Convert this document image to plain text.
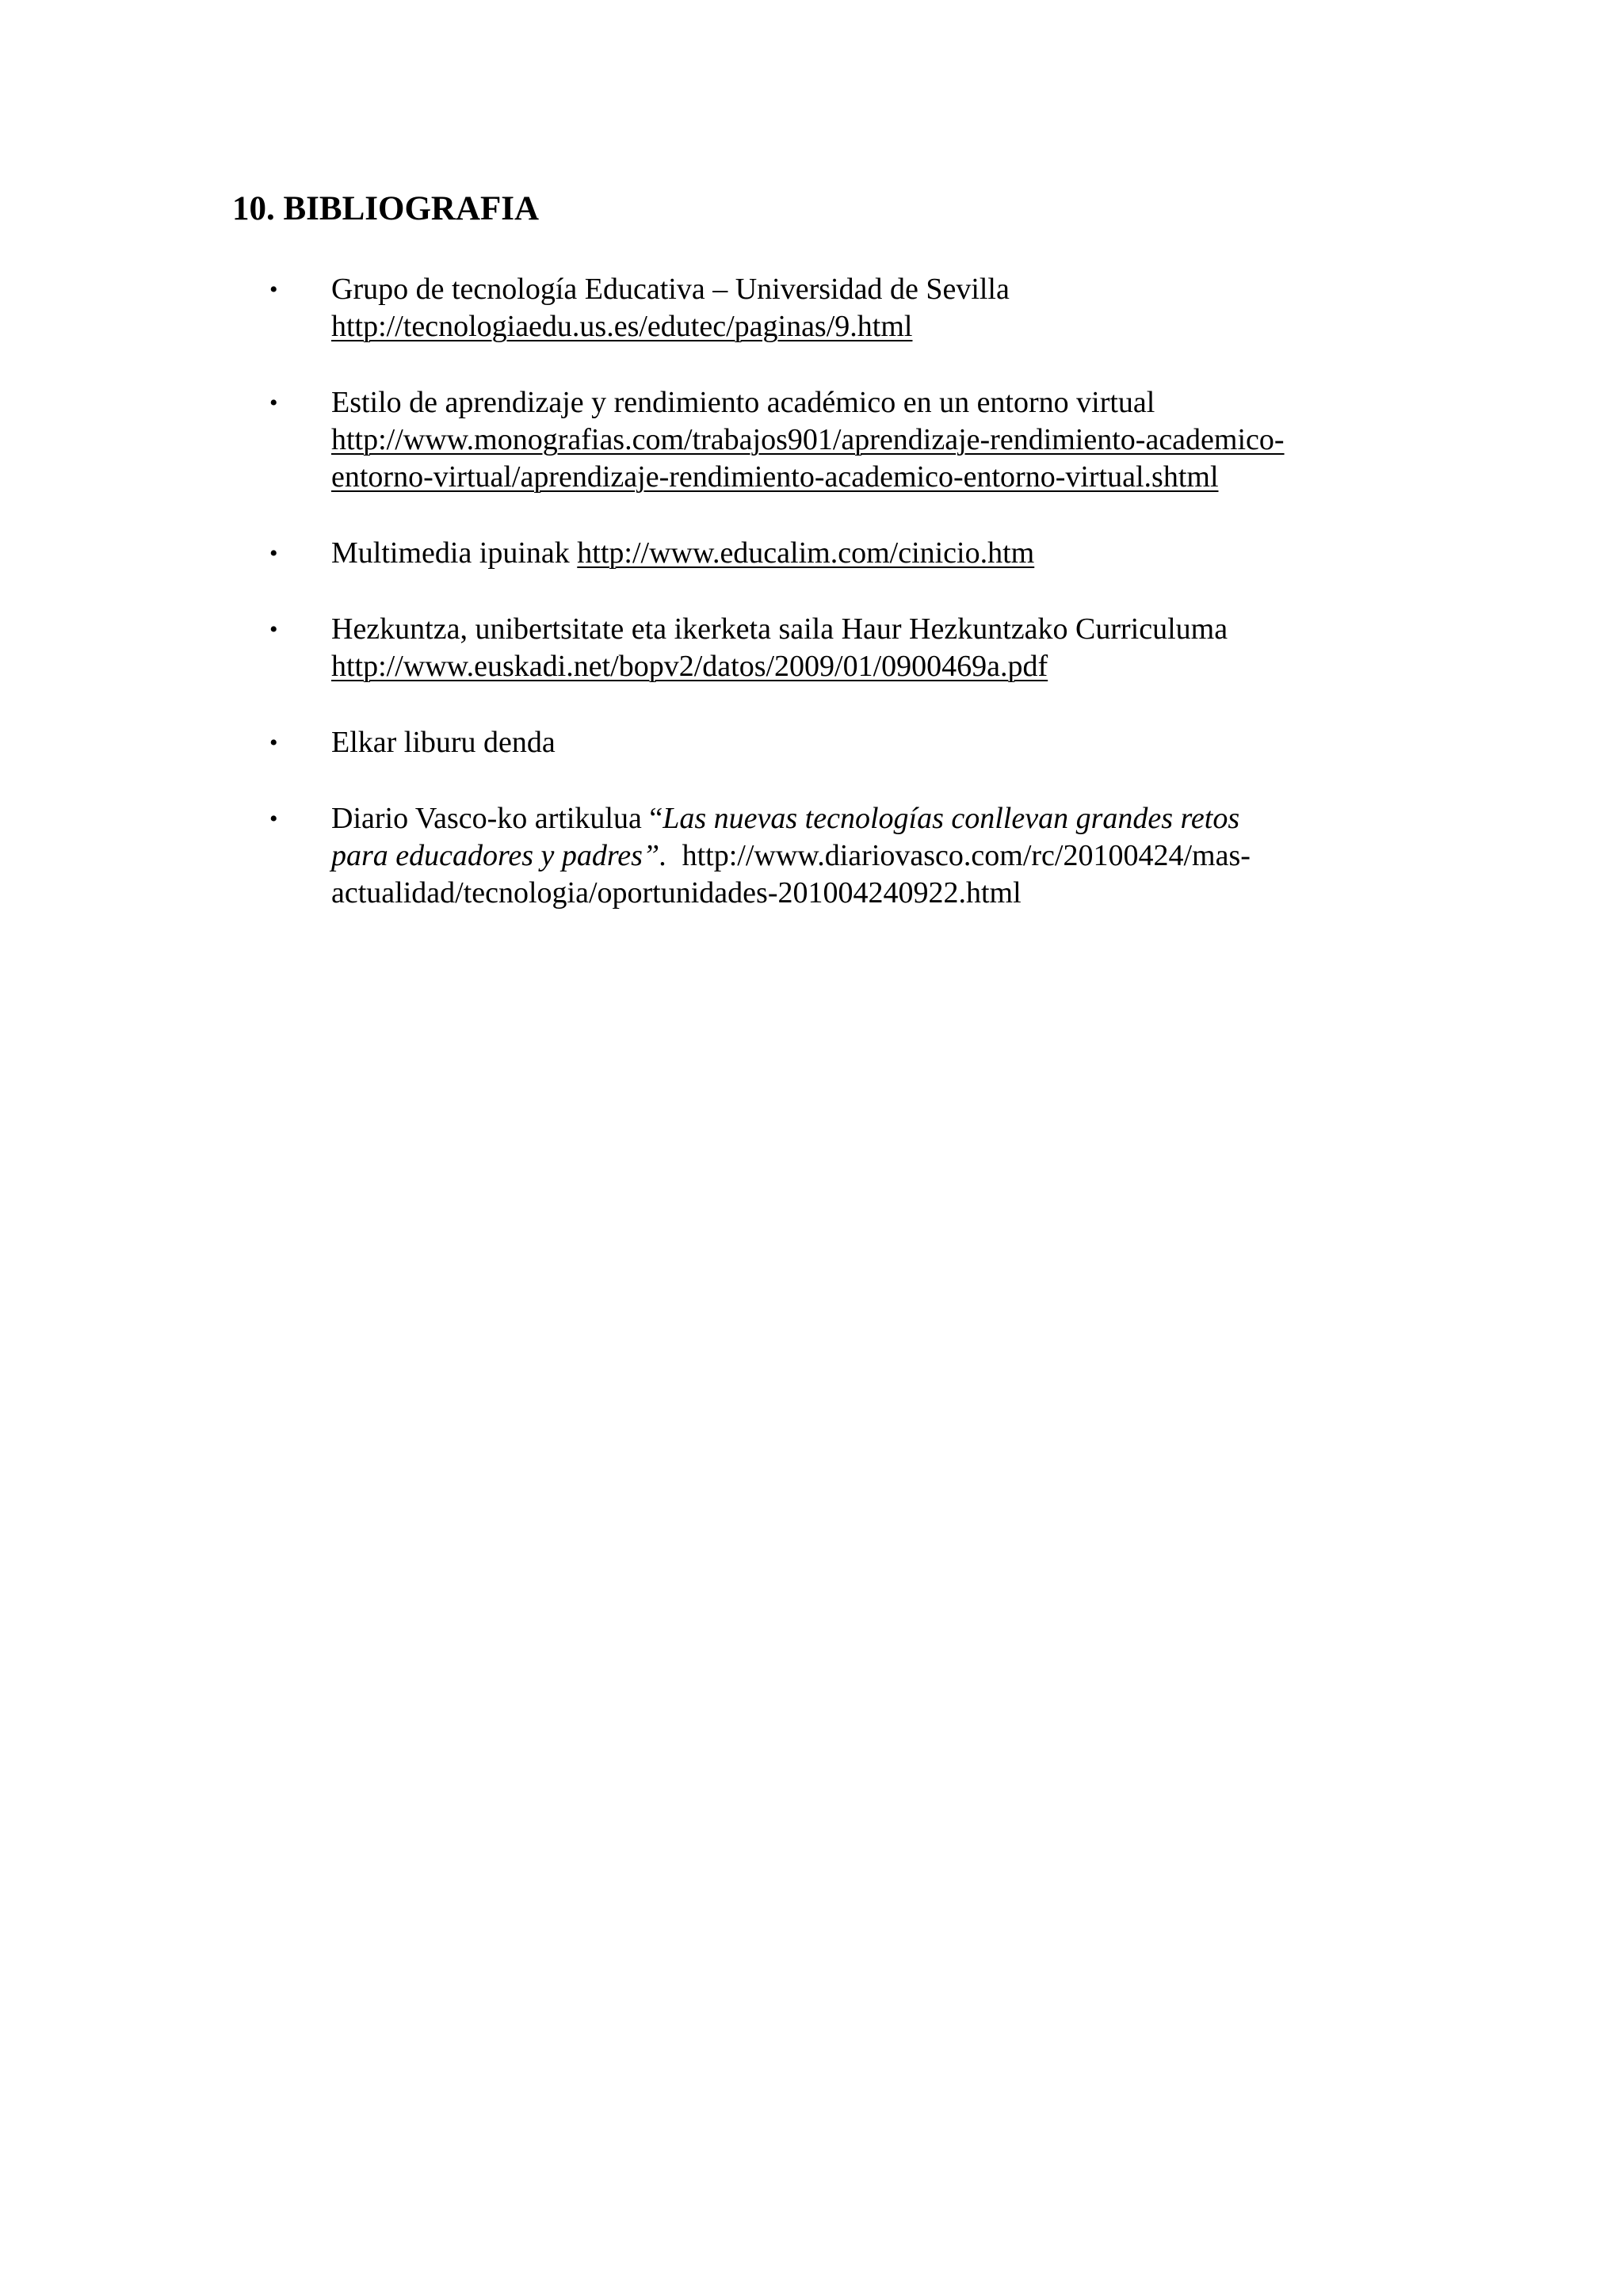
10. BIBLIOGRAFIA
• Grupo de tecnología Educativa – Universidad de Sevilla
http://tecnologiaedu.us.es/edutec/paginas/9.html
• Estilo de aprendizaje y rendimiento académico en un entorno virtual
http://www.monografias.com/trabajos901/aprendizaje-rendimiento-academico-
entorno-virtual/aprendizaje-rendimiento-academico-entorno-virtual.shtml
• Multimedia ipuinak http://www.educalim.com/cinicio.htm
• Hezkuntza, unibertsitate eta ikerketa saila Haur Hezkuntzako Curriculuma
http://www.euskadi.net/bopv2/datos/2009/01/0900469a.pdf
• Elkar liburu denda
• Diario Vasco-ko artikulua “Las nuevas tecnologías conllevan grandes retos
para educadores y padres”.  http://www.diariovasco.com/rc/20100424/mas-
actualidad/tecnologia/oportunidades-201004240922.html
